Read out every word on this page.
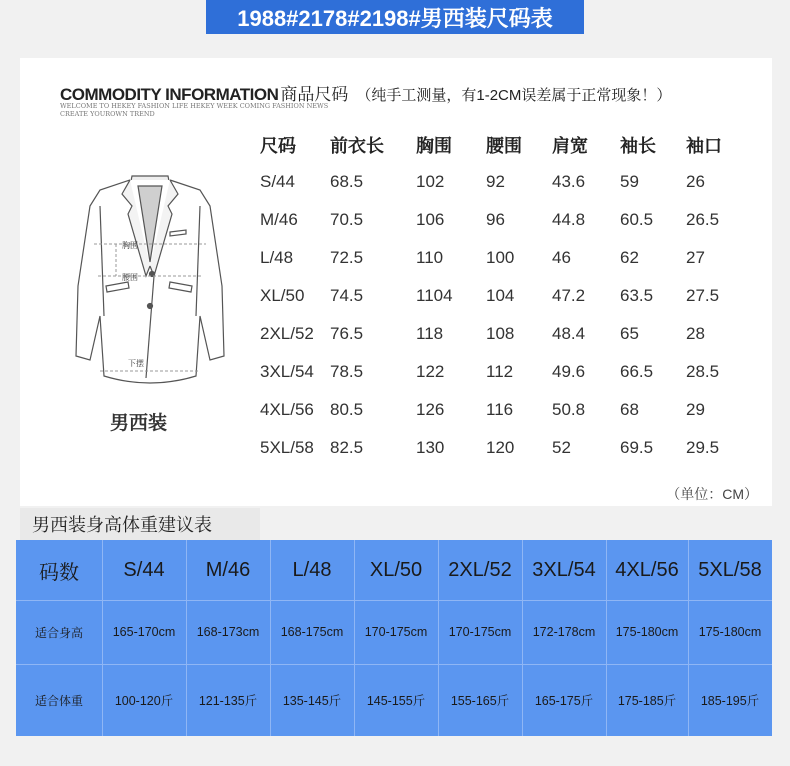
1988#2178#2198#男西装尺码表
COMMODITY INFORMATION 商品尺码 （纯手工测量，有1-2CM误差属于正常现象！）
WELCOME TO HEKEY FASHION LIFE HEKEY WEEK COMING FASHION NEWS
CREATE YOUROWN TREND
胸围
腰围
下摆
男西装
尺码 前衣长 胸围 腰围 肩宽 袖长 袖口
S/44 68.5	102 92	43.6 59	26
M/46 70.5	106 96	44.8 60.5 26.5
L/48 72.5	110	100 46	62	27
XL/50 74.5	1104 104 47.2 63.5 27.5
2XL/52 76.5	118	108 48.4 65	28
3XL/54 78.5	122 112 49.6 66.5 28.5
4XL/56 80.5	126 116 50.8 68	29
5XL/58 82.5	130 120 52	69.5 29.5
（单位：CM）
男西装身高体重建议表
码数	S/44	M/46	L/48	XL/50	2XL/52	3XL/54 4XL/56 5XL/58
适合身高	165-170cm	168-173cm	168-175cm	170-175cm	170-175cm	172-178cm	175-180cm	175-180cm
适合体重	100-120斤	121-135斤	135-145斤	145-155斤	155-165斤	165-175斤	175-185斤	185-195斤
